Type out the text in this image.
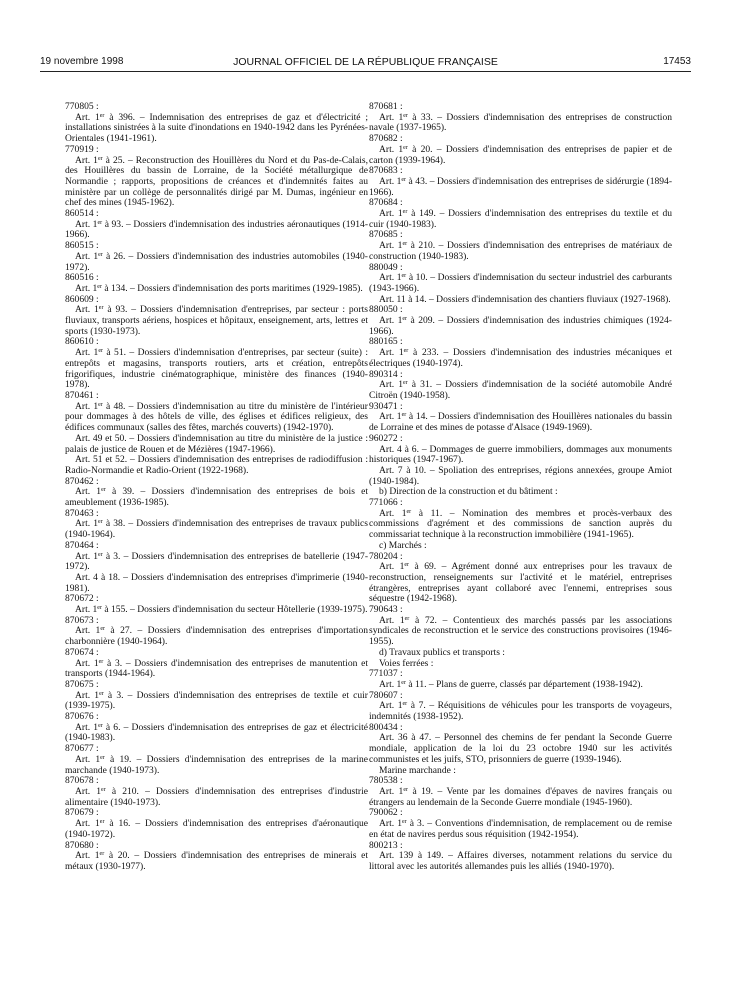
19 novembre 1998	JOURNAL OFFICIEL DE LA RÉPUBLIQUE FRANÇAISE	17453

770805 :

Art. 1er à 396. – Indemnisation des entreprises de gaz et d'électricité ; installations sinistrées à la suite d'inondations en 1940-1942 dans les Pyrénées-Orientales (1941-1961).

770919 :

Art. 1er à 25. – Reconstruction des Houillères du Nord et du Pas-de-Calais, des Houillères du bassin de Lorraine, de la Société métallurgique de Normandie ; rapports, propositions de créances et d'indemnités faites au ministère par un collège de personnalités dirigé par M. Dumas, ingénieur en chef des mines (1945-1962).

860514 :

Art. 1er à 93. – Dossiers d'indemnisation des industries aéronautiques (1914-1966).

860515 :

Art. 1er à 26. – Dossiers d'indemnisation des industries automobiles (1940-1972).

860516 :

Art. 1er à 134. – Dossiers d'indemnisation des ports maritimes (1929-1985).

860609 :

Art. 1er à 93. – Dossiers d'indemnisation d'entreprises, par secteur : ports fluviaux, transports aériens, hospices et hôpitaux, enseignement, arts, lettres et sports (1930-1973).

860610 :

Art. 1er à 51. – Dossiers d'indemnisation d'entreprises, par secteur (suite) : entrepôts et magasins, transports routiers, arts et création, entrepôts frigorifiques, industrie cinématographique, ministère des finances (1940-1978).

870461 :

Art. 1er à 48. – Dossiers d'indemnisation au titre du ministère de l'intérieur pour dommages à des hôtels de ville, des églises et édifices religieux, des édifices communaux (salles des fêtes, marchés couverts) (1942-1970).

Art. 49 et 50. – Dossiers d'indemnisation au titre du ministère de la justice : palais de justice de Rouen et de Mézières (1947-1966).

Art. 51 et 52. – Dossiers d'indemnisation des entreprises de radiodiffusion : Radio-Normandie et Radio-Orient (1922-1968).

870462 :

Art. 1er à 39. – Dossiers d'indemnisation des entreprises de bois et ameublement (1936-1985).

870463 :

Art. 1er à 38. – Dossiers d'indemnisation des entreprises de travaux publics (1940-1964).

870464 :

Art. 1er à 3. – Dossiers d'indemnisation des entreprises de batellerie (1947-1972).

Art. 4 à 18. – Dossiers d'indemnisation des entreprises d'imprimerie (1940-1981).

870672 :

Art. 1er à 155. – Dossiers d'indemnisation du secteur Hôtellerie (1939-1975).

870673 :

Art. 1er à 27. – Dossiers d'indemnisation des entreprises d'importation charbonnière (1940-1964).

870674 :

Art. 1er à 3. – Dossiers d'indemnisation des entreprises de manutention et transports (1944-1964).

870675 :

Art. 1er à 3. – Dossiers d'indemnisation des entreprises de textile et cuir (1939-1975).

870676 :

Art. 1er à 6. – Dossiers d'indemnisation des entreprises de gaz et électricité (1940-1983).

870677 :

Art. 1er à 19. – Dossiers d'indemnisation des entreprises de la marine marchande (1940-1973).

870678 :

Art. 1er à 210. – Dossiers d'indemnisation des entreprises d'industrie alimentaire (1940-1973).

870679 :

Art. 1er à 16. – Dossiers d'indemnisation des entreprises d'aéronautique (1940-1972).

870680 :

Art. 1er à 20. – Dossiers d'indemnisation des entreprises de minerais et métaux (1930-1977).

870681 :

Art. 1er à 33. – Dossiers d'indemnisation des entreprises de construction navale (1937-1965).

870682 :

Art. 1er à 20. – Dossiers d'indemnisation des entreprises de papier et de carton (1939-1964).

870683 :

Art. 1er à 43. – Dossiers d'indemnisation des entreprises de sidérurgie (1894-1966).

870684 :

Art. 1er à 149. – Dossiers d'indemnisation des entreprises du textile et du cuir (1940-1983).

870685 :

Art. 1er à 210. – Dossiers d'indemnisation des entreprises de matériaux de construction (1940-1983).

880049 :

Art. 1er à 10. – Dossiers d'indemnisation du secteur industriel des carburants (1943-1966).

Art. 11 à 14. – Dossiers d'indemnisation des chantiers fluviaux (1927-1968).

880050 :

Art. 1er à 209. – Dossiers d'indemnisation des industries chimiques (1924-1966).

880165 :

Art. 1er à 233. – Dossiers d'indemnisation des industries mécaniques et électriques (1940-1974).

890314 :

Art. 1er à 31. – Dossiers d'indemnisation de la société automobile André Citroën (1940-1958).

930471 :

Art. 1er à 14. – Dossiers d'indemnisation des Houillères nationales du bassin de Lorraine et des mines de potasse d'Alsace (1949-1969).

960272 :

Art. 4 à 6. – Dommages de guerre immobiliers, dommages aux monuments historiques (1947-1967).

Art. 7 à 10. – Spoliation des entreprises, régions annexées, groupe Amiot (1940-1984).

b) Direction de la construction et du bâtiment :

771066 :

Art. 1er à 11. – Nomination des membres et procès-verbaux des commissions d'agrément et des commissions de sanction auprès du commissariat technique à la reconstruction immobilière (1941-1965).

c) Marchés :

780204 :

Art. 1er à 69. – Agrément donné aux entreprises pour les travaux de reconstruction, renseignements sur l'activité et le matériel, entreprises étrangères, entreprises ayant collaboré avec l'ennemi, entreprises sous séquestre (1942-1968).

790643 :

Art. 1er à 72. – Contentieux des marchés passés par les associations syndicales de reconstruction et le service des constructions provisoires (1946-1955).

d) Travaux publics et transports :

Voies ferrées :

771037 :

Art. 1er à 11. – Plans de guerre, classés par département (1938-1942).

780607 :

Art. 1er à 7. – Réquisitions de véhicules pour les transports de voyageurs, indemnités (1938-1952).

800434 :

Art. 36 à 47. – Personnel des chemins de fer pendant la Seconde Guerre mondiale, application de la loi du 23 octobre 1940 sur les activités communistes et les juifs, STO, prisonniers de guerre (1939-1946).

Marine marchande :

780538 :

Art. 1er à 19. – Vente par les domaines d'épaves de navires français ou étrangers au lendemain de la Seconde Guerre mondiale (1945-1960).

790062 :

Art. 1er à 3. – Conventions d'indemnisation, de remplacement ou de remise en état de navires perdus sous réquisition (1942-1954).

800213 :

Art. 139 à 149. – Affaires diverses, notamment relations du service du littoral avec les autorités allemandes puis les alliés (1940-1970).
